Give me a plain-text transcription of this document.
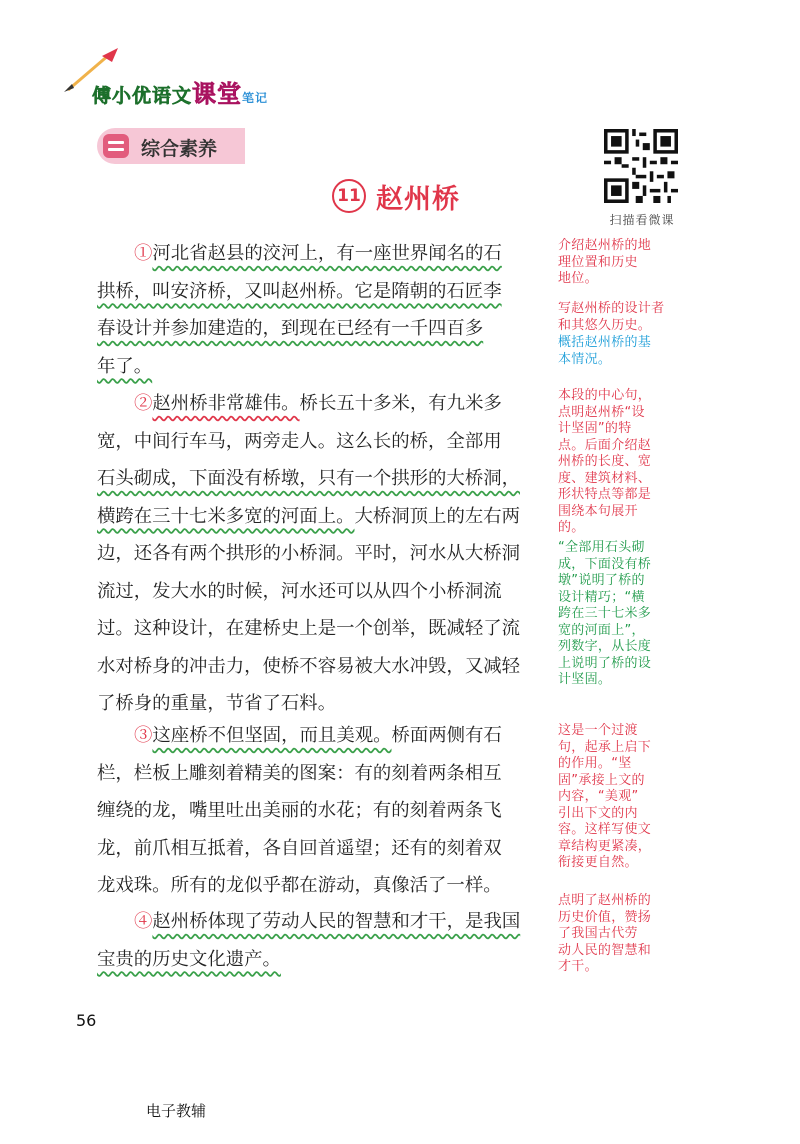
傅小优语文课堂笔记
综合素养
扫描看微课
11 赵州桥
①河北省赵县的洨河上，有一座世界闻名的石
拱桥，叫安济桥，又叫赵州桥。它是隋朝的石匠李
春设计并参加建造的，到现在已经有一千四百多
年了。
②赵州桥非常雄伟。桥长五十多米，有九米多
宽，中间行车马，两旁走人。这么长的桥，全部用
石头砌成，下面没有桥墩，只有一个拱形的大桥洞，
横跨在三十七米多宽的河面上。大桥洞顶上的左右两
边，还各有两个拱形的小桥洞。平时，河水从大桥洞
流过，发大水的时候，河水还可以从四个小桥洞流
过。这种设计，在建桥史上是一个创举，既减轻了流
水对桥身的冲击力，使桥不容易被大水冲毁，又减轻
了桥身的重量，节省了石料。
③这座桥不但坚固，而且美观。桥面两侧有石
栏，栏板上雕刻着精美的图案：有的刻着两条相互
缠绕的龙，嘴里吐出美丽的水花；有的刻着两条飞
龙，前爪相互抵着，各自回首遥望；还有的刻着双
龙戏珠。所有的龙似乎都在游动，真像活了一样。
④赵州桥体现了劳动人民的智慧和才干，是我国
宝贵的历史文化遗产。
介绍赵州桥的地
理位置和历史
地位。
写赵州桥的设计者
和其悠久历史。
概括赵州桥的基
本情况。
本段的中心句，
点明赵州桥“设
计坚固”的特
点。后面介绍赵
州桥的长度、宽
度、建筑材料、
形状特点等都是
围绕本句展开
的。
“全部用石头砌
成，下面没有桥
墩”说明了桥的
设计精巧；“横
跨在三十七米多
宽的河面上”，
列数字，从长度
上说明了桥的设
计坚固。
这是一个过渡
句，起承上启下
的作用。“坚
固”承接上文的
内容，“美观”
引出下文的内
容。这样写使文
章结构更紧凑，
衔接更自然。
点明了赵州桥的
历史价值，赞扬
了我国古代劳
动人民的智慧和
才干。
56
电子教辅
